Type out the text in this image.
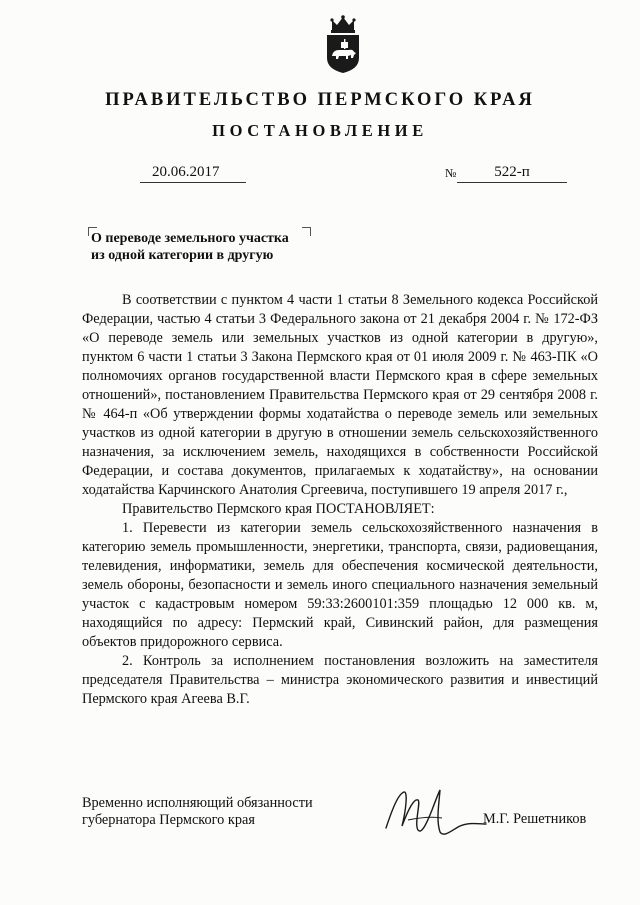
ПРАВИТЕЛЬСТВО ПЕРМСКОГО КРАЯ
ПОСТАНОВЛЕНИЕ
20.06.2017	№	522-п
О переводе земельного участка
из одной категории в другую

В соответствии с пунктом 4 части 1 статьи 8 Земельного кодекса Российской Федерации, частью 4 статьи 3 Федерального закона от 21 декабря 2004 г. № 172-ФЗ «О переводе земель или земельных участков из одной категории в другую», пунктом 6 части 1 статьи 3 Закона Пермского края от 01 июля 2009 г. № 463-ПК «О полномочиях органов государственной власти Пермского края в сфере земельных отношений», постановлением Правительства Пермского края от 29 сентября 2008 г. № 464-п «Об утверждении формы ходатайства о переводе земель или земельных участков из одной категории в другую в отношении земель сельскохозяйственного назначения, за исключением земель, находящихся в собственности Российской Федерации, и состава документов, прилагаемых к ходатайству», на основании ходатайства Карчинского Анатолия Сргеевича, поступившего 19 апреля 2017 г.,

Правительство Пермского края ПОСТАНОВЛЯЕТ:

1. Перевести из категории земель сельскохозяйственного назначения в категорию земель промышленности, энергетики, транспорта, связи, радиовещания, телевидения, информатики, земель для обеспечения космической деятельности, земель обороны, безопасности и земель иного специального назначения земельный участок с кадастровым номером 59:33:2600101:359 площадью 12 000 кв. м, находящийся по адресу: Пермский край, Сивинский район, для размещения объектов придорожного сервиса.

2. Контроль за исполнением постановления возложить на заместителя председателя Правительства – министра экономического развития и инвестиций Пермского края Агеева В.Г.

Временно исполняющий обязанности
губернатора Пермского края	М.Г. Решетников
